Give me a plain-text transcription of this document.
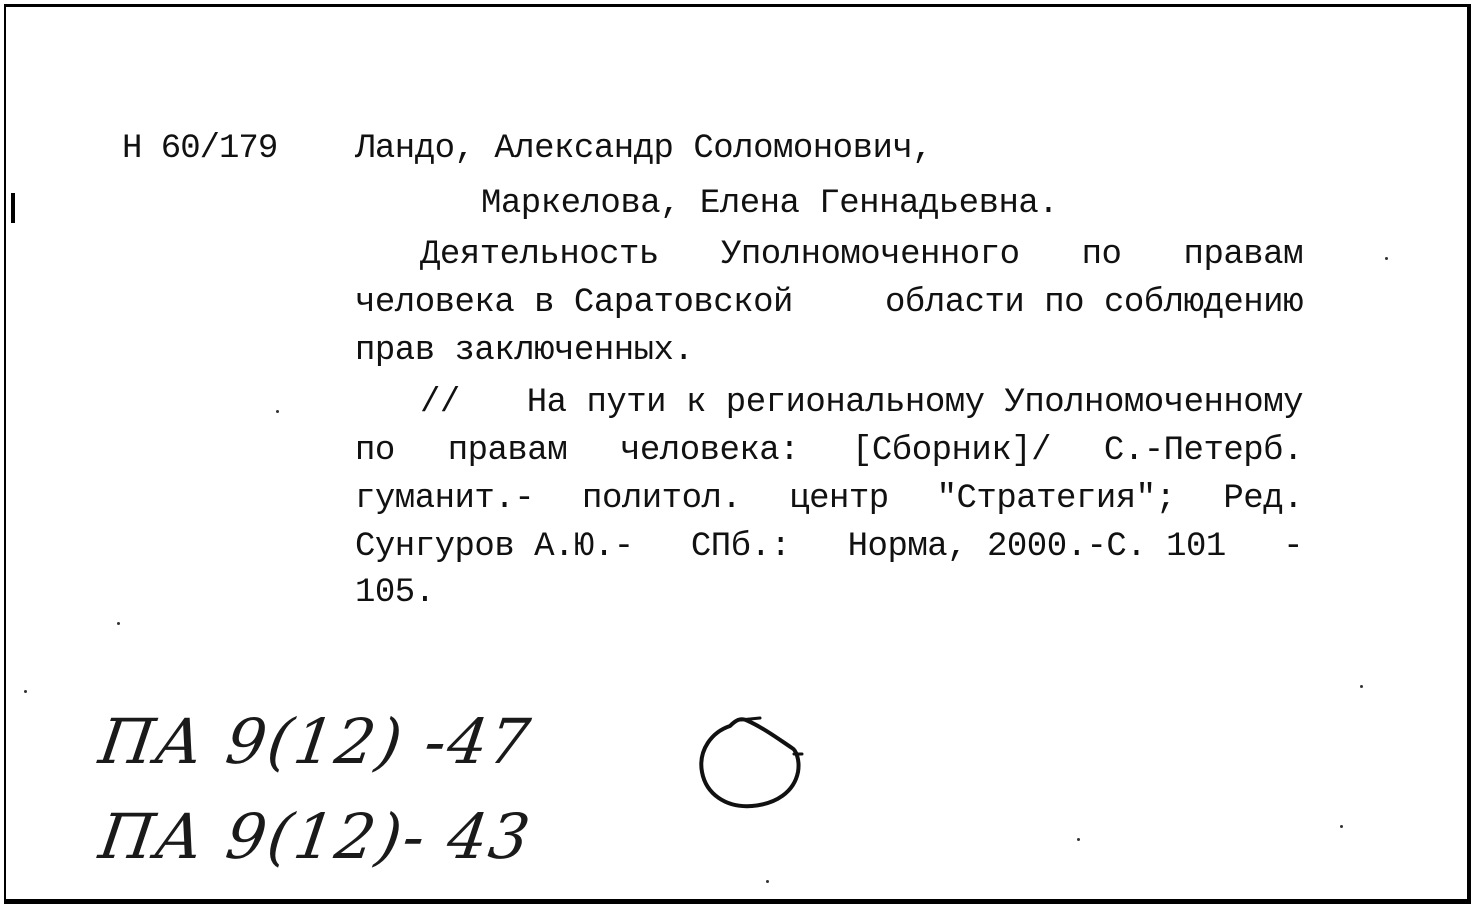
Н 60/179 Ландо, Александр Соломонович,
Маркелова, Елена Геннадьевна.
Деятельность Уполномоченного по правам
человека в Саратовской	области по соблюдению
прав заключенных.
// На пути к региональному Уполномоченному
по правам человека: [Сборник]/ С.-Петерб.
гуманит.- политол. центр "Стратегия"; Ред.
Сунгуров А.Ю.- СПб.: Норма, 2000.-С. 101 -
105.
ПА 9(12) -47
ПА 9(12)- 43
